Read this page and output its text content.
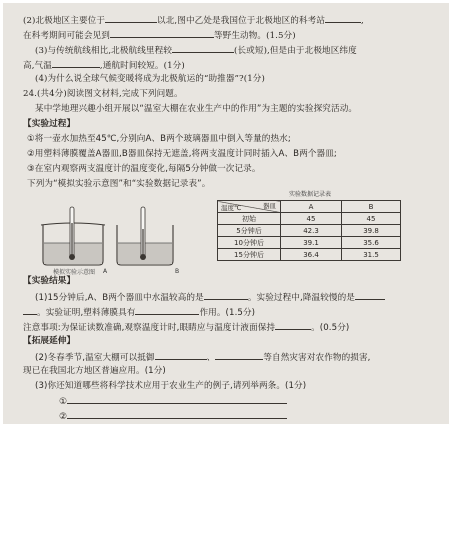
(2)北极地区主要位于	以北,图中乙处是我国位于北极地区的科考站	,
在科考期间可能会见到	等野生动物。(1.5分)
(3)与传统航线相比,北极航线里程较	(长或短),但是由于北极地区纬度
高,气温	,通航时间较短。(1分)
(4)为什么说全球气候变暖将成为北极航运的“助推器”?(1分)
24.(共4分)阅读图文材料,完成下列问题。
某中学地理兴趣小组开展以“温室大棚在农业生产中的作用”为主题的实验探究活动。
【实验过程】
①将一壶水加热至45℃,分别向A、B两个玻璃器皿中倒入等量的热水;
②用塑料薄膜覆盖A器皿,B器皿保持无遮盖,将两支温度计同时插入A、B两个器皿;
③在室内观察两支温度计的温度变化,每隔5分钟做一次记录。
下列为“模拟实验示意图”和“实验数据记录表”。
A	B
模拟实验示意图
实验数据记录表
器皿
温度℃	A	B
初始	45	45
5分钟后	42.3	39.8
10分钟后	39.1	35.6
15分钟后	36.4	31.5
【实验结果】
(1)15分钟后,A、B两个器皿中水温较高的是	。实验过程中,降温较慢的是
。实验证明,塑料薄膜具有	作用。(1.5分)
注意事项:为保证读数准确,观察温度计时,眼睛应与温度计液面保持	。(0.5分)
【拓展延伸】
(2)冬春季节,温室大棚可以抵御	、	等自然灾害对农作物的损害,
现已在我国北方地区普遍应用。(1分)
(3)你还知道哪些将科学技术应用于农业生产的例子,请列举两条。(1分)
①
②
